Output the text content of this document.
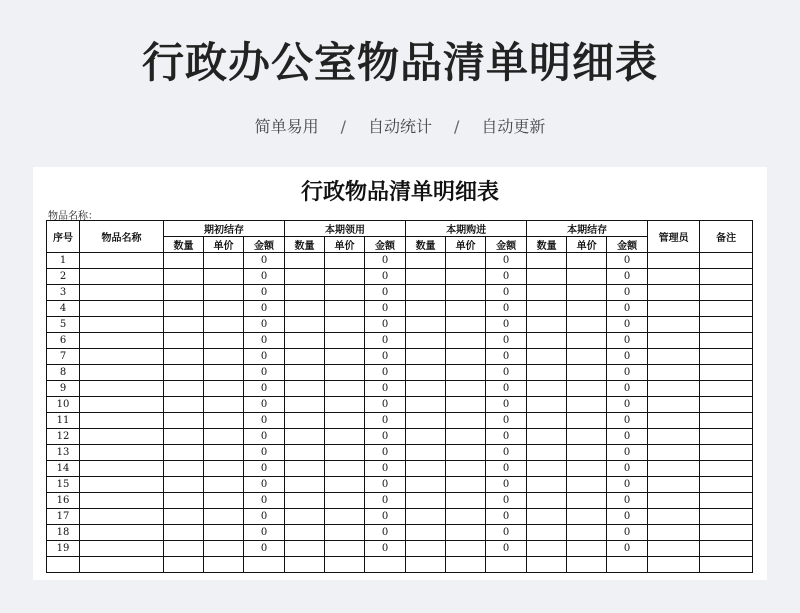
行政办公室物品清单明细表
简单易用 / 自动统计 / 自动更新
行政物品清单明细表
物品名称：
序号	物品名称	期初结存			本期领用			本期购进			本期结存			管理员	备注
		数量	单价	金额	数量	单价	金额	数量	单价	金额	数量	单价	金额		
1				0			0			0			0		
2				0			0			0			0		
3				0			0			0			0		
4				0			0			0			0		
5				0			0			0			0		
6				0			0			0			0		
7				0			0			0			0		
8				0			0			0			0		
9				0			0			0			0		
10				0			0			0			0		
11				0			0			0			0		
12				0			0			0			0		
13				0			0			0			0		
14				0			0			0			0		
15				0			0			0			0		
16				0			0			0			0		
17				0			0			0			0		
18				0			0			0			0		
19				0			0			0			0		
